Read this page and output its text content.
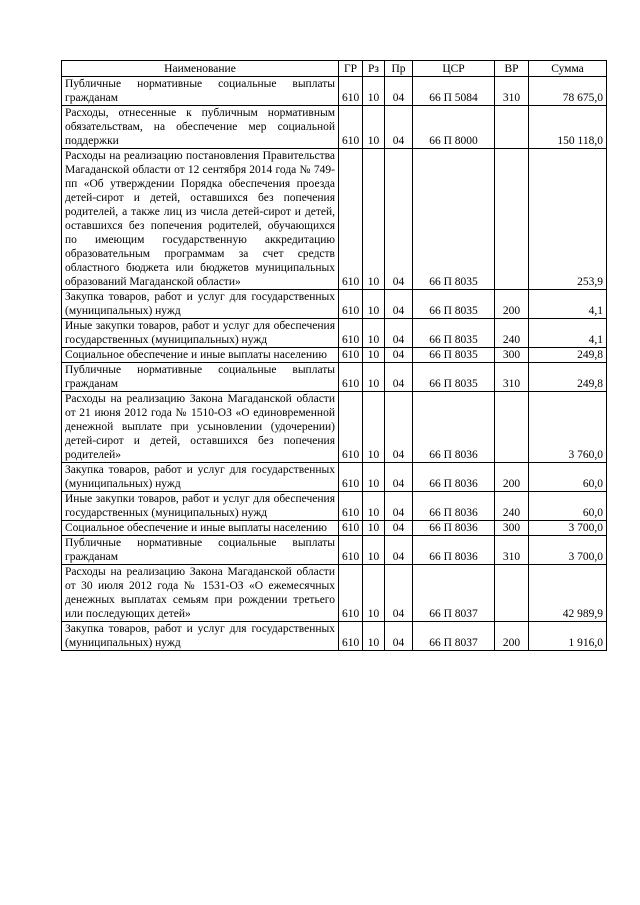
Наименование	ГР	Рз	Пр	ЦСР	ВР	Сумма
Публичные нормативные социальные выплаты гражданам	610	10	04	66 П 5084	310	78 675,0
Расходы, отнесенные к публичным нормативным обязательствам, на обеспечение мер социальной поддержки	610	10	04	66 П 8000		150 118,0
Расходы на реализацию постановления Правительства Магаданской области от 12 сентября 2014 года № 749-пп «Об утверждении Порядка обеспечения проезда детей-сирот и детей, оставшихся без попечения родителей, а также лиц из числа детей-сирот и детей, оставшихся без попечения родителей, обучающихся по имеющим государственную аккредитацию образовательным программам за счет средств областного бюджета или бюджетов муниципальных образований Магаданской области»	610	10	04	66 П 8035		253,9
Закупка товаров, работ и услуг для государственных (муниципальных) нужд	610	10	04	66 П 8035	200	4,1
Иные закупки товаров, работ и услуг для обеспечения государственных (муниципальных) нужд	610	10	04	66 П 8035	240	4,1
Социальное обеспечение и иные выплаты населению	610	10	04	66 П 8035	300	249,8
Публичные нормативные социальные выплаты гражданам	610	10	04	66 П 8035	310	249,8
Расходы на реализацию Закона Магаданской области от 21 июня 2012 года № 1510-ОЗ «О единовременной денежной выплате при усыновлении (удочерении) детей-сирот и детей, оставшихся без попечения родителей»	610	10	04	66 П 8036		3 760,0
Закупка товаров, работ и услуг для государственных (муниципальных) нужд	610	10	04	66 П 8036	200	60,0
Иные закупки товаров, работ и услуг для обеспечения государственных (муниципальных) нужд	610	10	04	66 П 8036	240	60,0
Социальное обеспечение и иные выплаты населению	610	10	04	66 П 8036	300	3 700,0
Публичные нормативные социальные выплаты гражданам	610	10	04	66 П 8036	310	3 700,0
Расходы на реализацию Закона Магаданской области от 30 июля 2012 года № 1531-ОЗ «О ежемесячных денежных выплатах семьям при рождении третьего или последующих детей»	610	10	04	66 П 8037		42 989,9
Закупка товаров, работ и услуг для государственных (муниципальных) нужд	610	10	04	66 П 8037	200	1 916,0
